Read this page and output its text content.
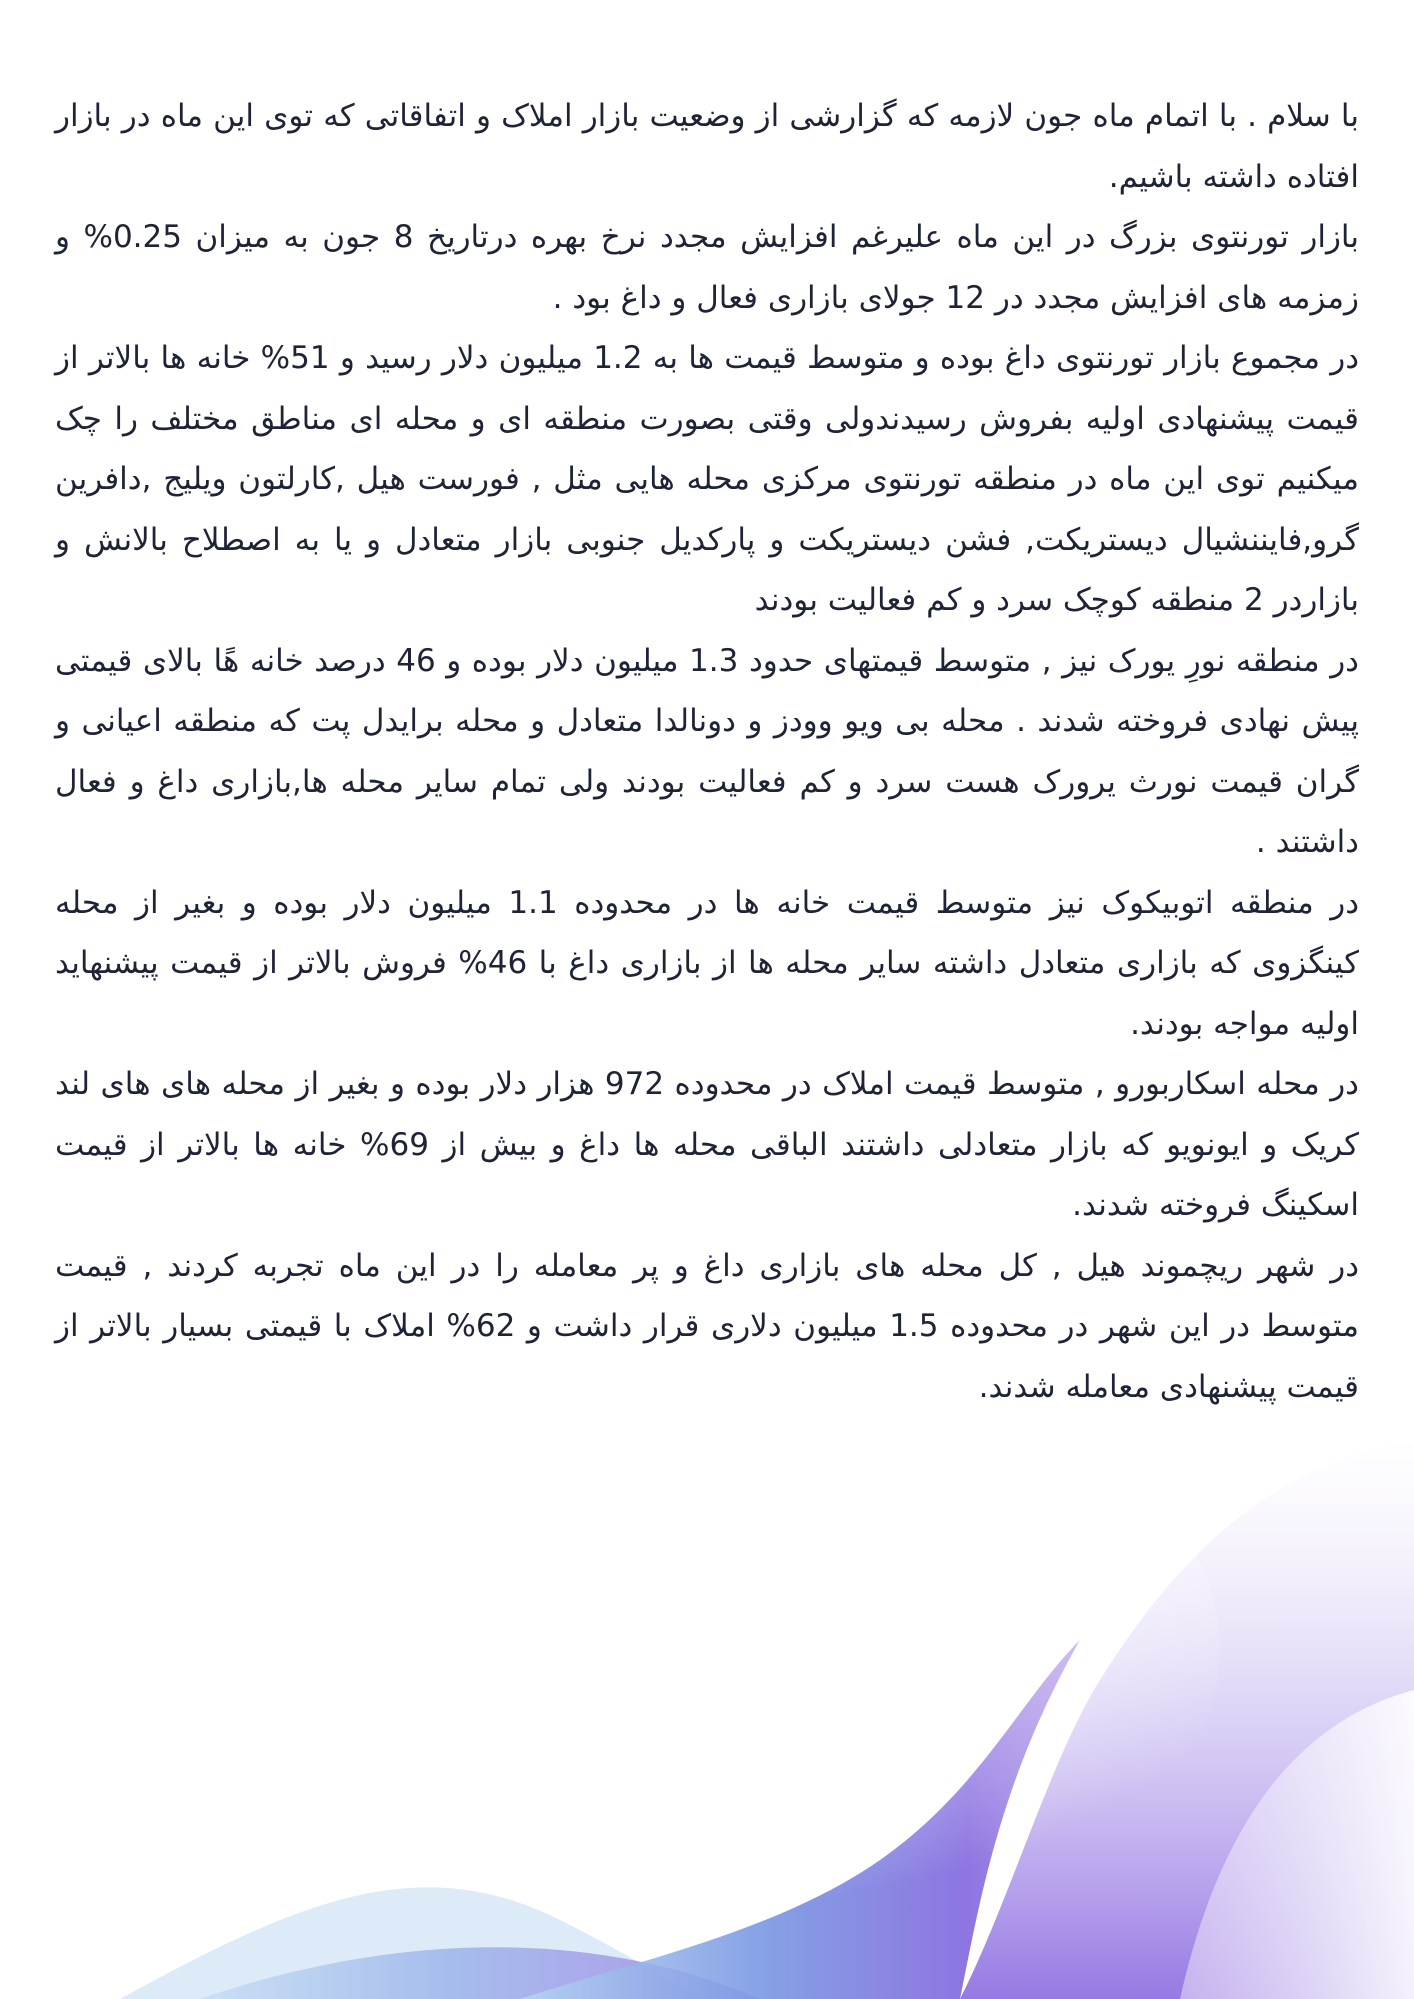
با سلام . با اتمام ماه جون لازمه که گزارشی از وضعیت بازار املاک و اتفاقاتی که توی این ماه در بازار افتاده داشته باشیم.

بازار تورنتوی بزرگ در این ماه علیرغم افزایش مجدد نرخ بهره درتاریخ 8 جون به میزان 0.25% و زمزمه های افزایش مجدد در 12 جولای بازاری فعال و داغ بود .

در مجموع بازار تورنتوی داغ بوده و متوسط قیمت ها به 1.2 میلیون دلار رسید و 51% خانه ها بالاتر از قیمت پیشنهادی اولیه بفروش رسیدندولی وقتی بصورت منطقه ای و محله ای مناطق مختلف را چک میکنیم توی این ماه در منطقه تورنتوی مرکزی محله هایی مثل , فورست هیل ,کارلتون ویلیج ,دافرین گرو,فایننشیال دیستریکت, فشن دیستریکت و پارکدیل جنوبی بازار متعادل و یا به اصطلاح بالانش و بازاردر 2 منطقه کوچک سرد و کم فعالیت بودند

در منطقه نورِ یورک نیز , متوسط قیمتهای حدود 1.3 میلیون دلار بوده و 46 درصد خانه هًا بالای قیمتی پیش نهادی فروخته شدند . محله بی ویو وودز و دونالدا متعادل و محله برایدل پت که منطقه اعیانی و گران قیمت نورث یرورک هست سرد و کم فعالیت بودند ولی تمام سایر محله ها,بازاری داغ و فعال داشتند .

در منطقه اتوبیکوک نیز متوسط قیمت خانه ها در محدوده 1.1 میلیون دلار بوده و بغیر از محله کینگزوی که بازاری متعادل داشته سایر محله ها از بازاری داغ با 46% فروش بالاتر از قیمت پیشنهاید اولیه مواجه بودند.

در محله اسکاربورو , متوسط قیمت املاک در محدوده 972 هزار دلار بوده و بغیر از محله های های لند کریک و ایونویو که بازار متعادلی داشتند الباقی محله ها داغ و بیش از 69% خانه ها بالاتر از قیمت اسکینگ فروخته شدند.

در شهر ریچموند هیل , کل محله های بازاری داغ و پر معامله را در این ماه تجربه کردند , قیمت متوسط در این شهر در محدوده 1.5 میلیون دلاری قرار داشت و 62% املاک با قیمتی بسیار بالاتر از قیمت پیشنهادی معامله شدند.
